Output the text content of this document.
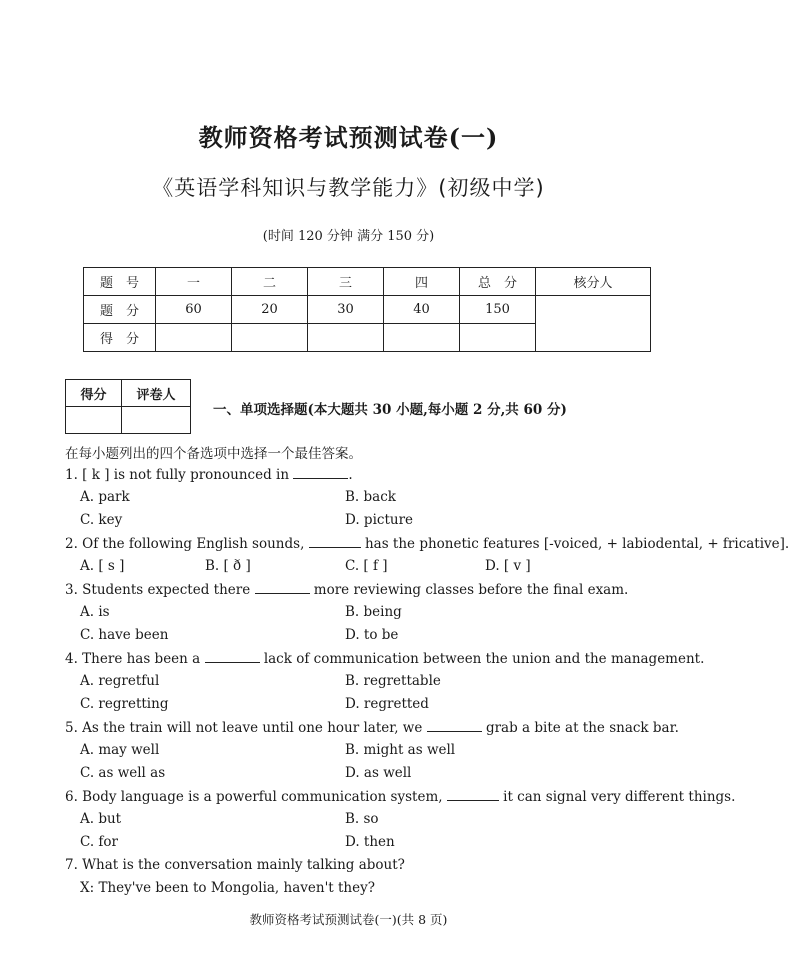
教师资格考试预测试卷(一)
《英语学科知识与教学能力》(初级中学)
(时间 120 分钟 满分 150 分)
题　号	一	二	三	四	总　分	核分人
题　分	60	20	30	40	150	
得　分						
得分	评卷人

一、单项选择题(本大题共 30 小题,每小题 2 分,共 60 分)
在每小题列出的四个备选项中选择一个最佳答案。
1. [ k ] is not fully pronounced in	.
A. park	B. back
C. key	D. picture
2. Of the following English sounds,	has the phonetic features [-voiced, + labiodental, + fricative].
A. [ s ]	B. [ ð ]	C. [ f ]	D. [ v ]
3. Students expected there	more reviewing classes before the final exam.
A. is	B. being
C. have been	D. to be
4. There has been a	lack of communication between the union and the management.
A. regretful	B. regrettable
C. regretting	D. regretted
5. As the train will not leave until one hour later, we	grab a bite at the snack bar.
A. may well	B. might as well
C. as well as	D. as well
6. Body language is a powerful communication system,	it can signal very different things.
A. but	B. so
C. for	D. then
7. What is the conversation mainly talking about?
X: They've been to Mongolia, haven't they?
教师资格考试预测试卷(一)(共 8 页)
